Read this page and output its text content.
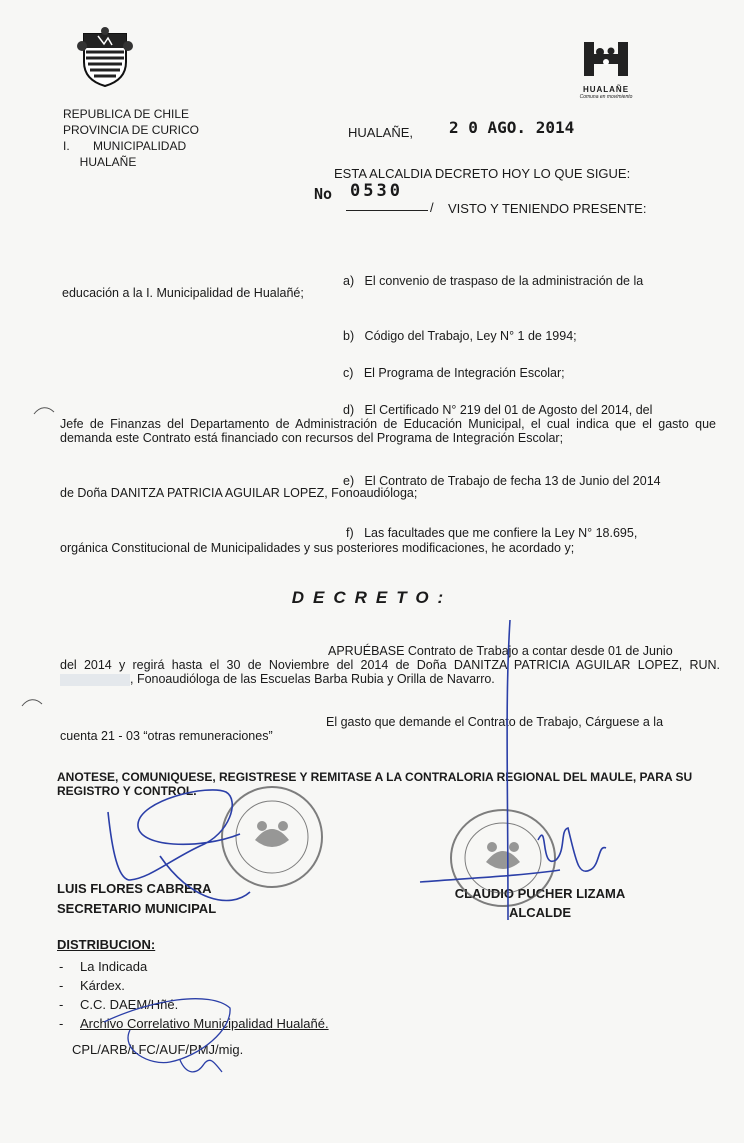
HUALAÑE
Comuna en movimiento
REPUBLICA DE CHILE
PROVINCIA DE CURICO
I.       MUNICIPALIDAD
HUALAÑE
HUALAÑE, 2 0 AGO. 2014
ESTA ALCALDIA DECRETO HOY LO QUE SIGUE:
No 0530
/ VISTO Y TENIENDO PRESENTE:
a) El convenio de traspaso de la administración de la
educación a la I. Municipalidad de Hualañé;
b) Código del Trabajo, Ley N° 1 de 1994;
c) El Programa de Integración Escolar;
d) El Certificado N° 219 del 01 de Agosto del 2014, del
Jefe de Finanzas del Departamento de Administración de Educación Municipal, el cual indica que el gasto que demanda este Contrato está financiado con recursos del Programa de Integración Escolar;
e) El Contrato de Trabajo de fecha 13 de Junio del 2014
de Doña DANITZA PATRICIA AGUILAR LOPEZ, Fonoaudióloga;
f) Las facultades que me confiere la Ley N° 18.695,
orgánica Constitucional de Municipalidades y sus posteriores modificaciones, he acordado y;
DECRETO:
APRUÉBASE Contrato de Trabajo a contar desde 01 de Junio
del 2014 y regirá hasta el 30 de Noviembre del 2014 de Doña DANITZA PATRICIA AGUILAR LOPEZ, RUN. , Fonoaudióloga de las Escuelas Barba Rubia y Orilla de Navarro.
El gasto que demande el Contrato de Trabajo, Cárguese a la
cuenta 21 - 03 “otras remuneraciones”
ANOTESE, COMUNIQUESE, REGISTRESE Y REMITASE A LA CONTRALORIA REGIONAL DEL MAULE, PARA SU REGISTRO Y CONTROL.
LUIS FLORES CABRERA
SECRETARIO MUNICIPAL
CLAUDIO PUCHER LIZAMA
ALCALDE
DISTRIBUCION:
- La Indicada
- Kárdex.
- C.C. DAEM/Hñé.
- Archivo Correlativo Municipalidad Hualañé.
CPL/ARB/LFC/AUF/PMJ/mig.
